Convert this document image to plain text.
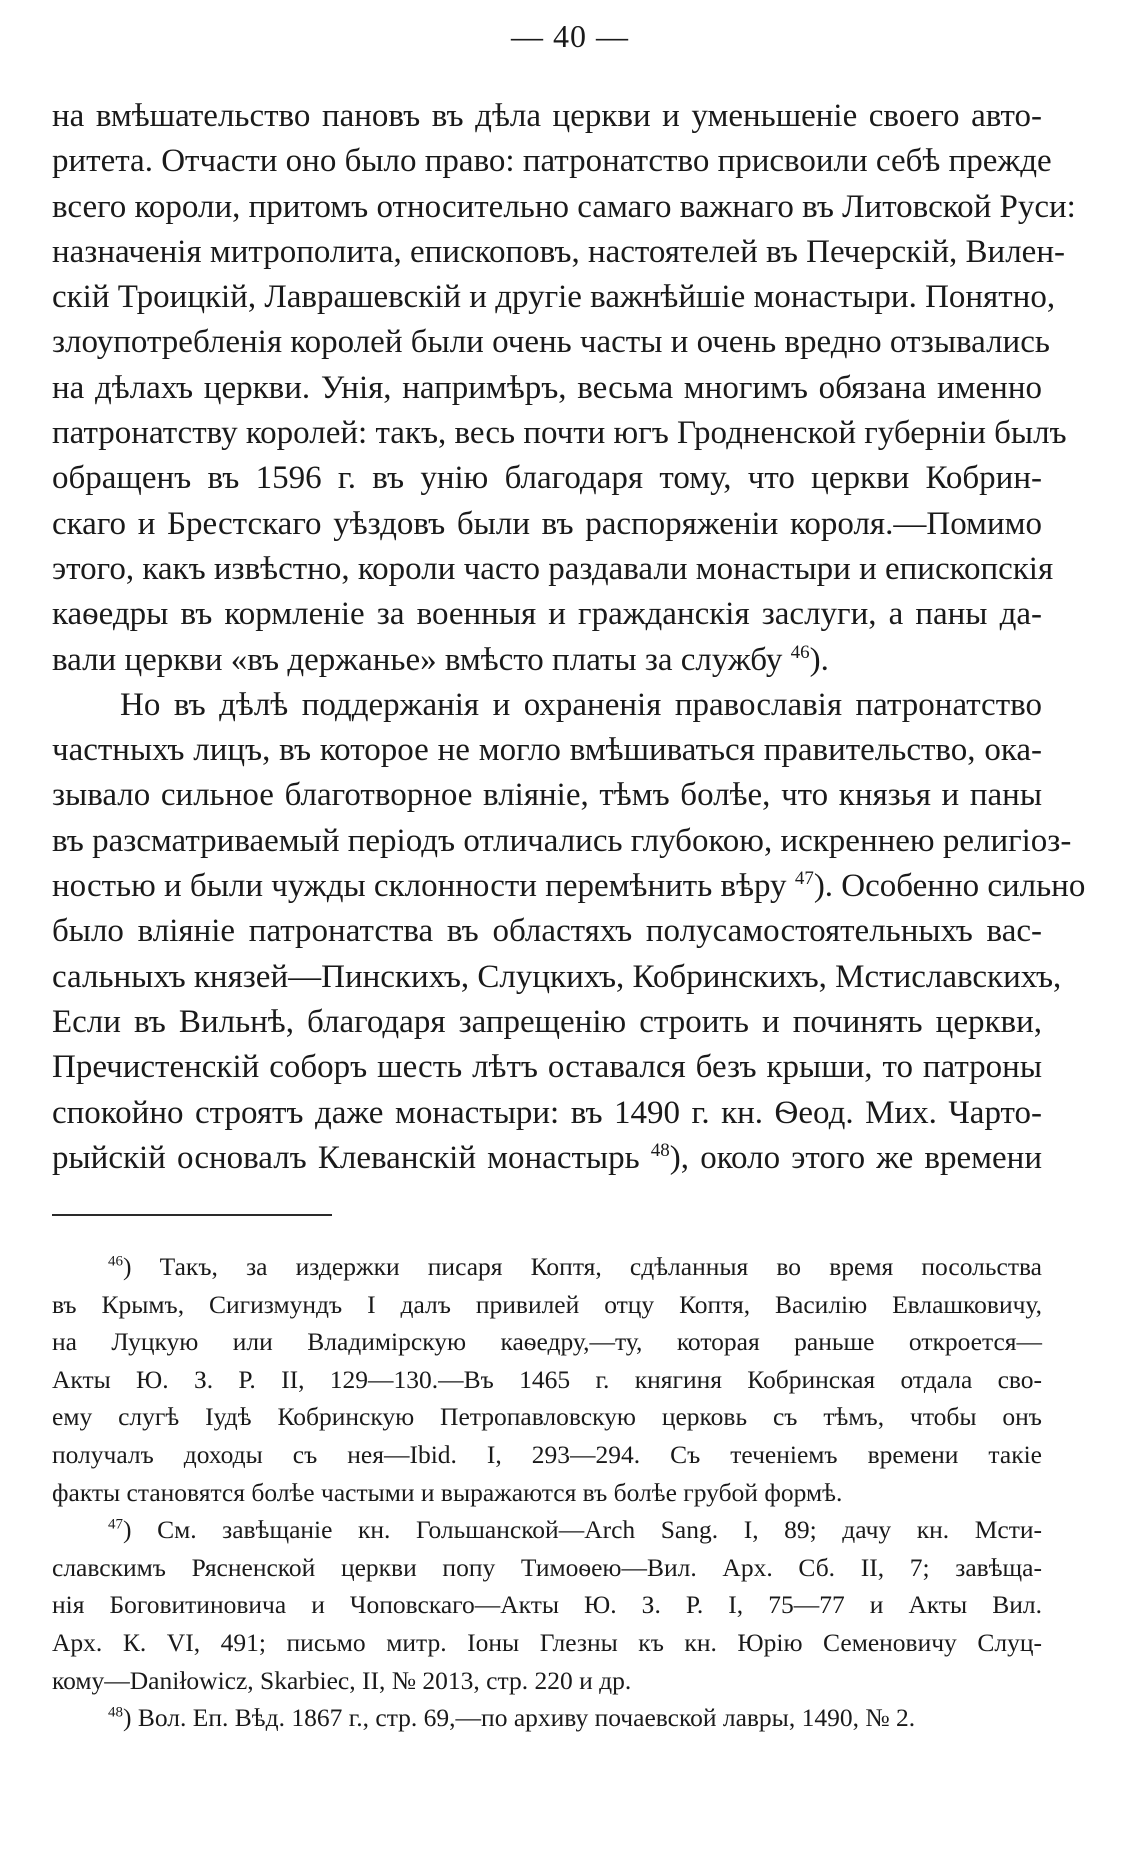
— 40 —
на вмѣшательство пановъ въ дѣла церкви и уменьшеніе своего авто-
ритета. Отчасти оно было право: патронатство присвоили себѣ прежде
всего короли, притомъ относительно самаго важнаго въ Литовской Руси:
назначенія митрополита, епископовъ, настоятелей въ Печерскій, Вилен-
скій Троицкій, Лаврашевскій и другіе важнѣйшіе монастыри. Понятно,
злоупотребленія королей были очень часты и очень вредно отзывались
на дѣлахъ церкви. Унія, напримѣръ, весьма многимъ обязана именно
патронатству королей: такъ, весь почти югъ Гродненской губерніи былъ
обращенъ въ 1596 г. въ унію благодаря тому, что церкви Кобрин-
скаго и Брестскаго уѣздовъ были въ распоряженіи короля.—Помимо
этого, какъ извѣстно, короли часто раздавали монастыри и епископскія
каѳедры въ кормленіе за военныя и гражданскія заслуги, а паны да-
вали церкви «въ держанье» вмѣсто платы за службу $^{46}$).
Но въ дѣлѣ поддержанія и охраненія православія патронатство
частныхъ лицъ, въ которое не могло вмѣшиваться правительство, ока-
зывало сильное благотворное вліяніе, тѣмъ болѣе, что князья и паны
въ разсматриваемый періодъ отличались глубокою, искреннею религіоз-
ностью и были чужды склонности перемѣнить вѣру $^{47}$). Особенно сильно
было вліяніе патронатства въ областяхъ полусамостоятельныхъ вас-
сальныхъ князей—Пинскихъ, Слуцкихъ, Кобринскихъ, Мстиславскихъ,
Если въ Вильнѣ, благодаря запрещенію строить и починять церкви,
Пречистенскій соборъ шесть лѣтъ оставался безъ крыши, то патроны
спокойно строятъ даже монастыри: въ 1490 г. кн. Ѳеод. Мих. Чарто-
рыйскій основалъ Клеванскій монастырь $^{48}$), около этого же времени
$^{46}$) Такъ, за издержки писаря Коптя, сдѣланныя во время посольства
въ Крымъ, Сигизмундъ I далъ привилей отцу Коптя, Василію Евлашковичу,
на Луцкую или Владимірскую каѳедру,—ту, которая раньше откроется—
Акты Ю. З. Р. II, 129—130.—Въ 1465 г. княгиня Кобринская отдала сво-
ему слугѣ Іудѣ Кобринскую Петропавловскую церковь съ тѣмъ, чтобы онъ
получалъ доходы съ нея—Ibid. I, 293—294. Съ теченіемъ времени такіе
факты становятся болѣе частыми и выражаются въ болѣе грубой формѣ.
$^{47}$) См. завѣщаніе кн. Гольшанской—Arch Sang. I, 89; дачу кн. Мсти-
славскимъ Рясненской церкви попу Тимоѳею—Вил. Арх. Сб. II, 7; завѣща-
нія Боговитиновича и Чоповскаго—Акты Ю. З. Р. I, 75—77 и Акты Вил.
Арх. К. VI, 491; письмо митр. Іоны Глезны къ кн. Юрію Семеновичу Слуц-
кому—Daniłowicz, Skarbiec, II, № 2013, стр. 220 и др.
$^{48}$) Вол. Еп. Вѣд. 1867 г., стр. 69,—по архиву почаевской лавры, 1490, № 2.
